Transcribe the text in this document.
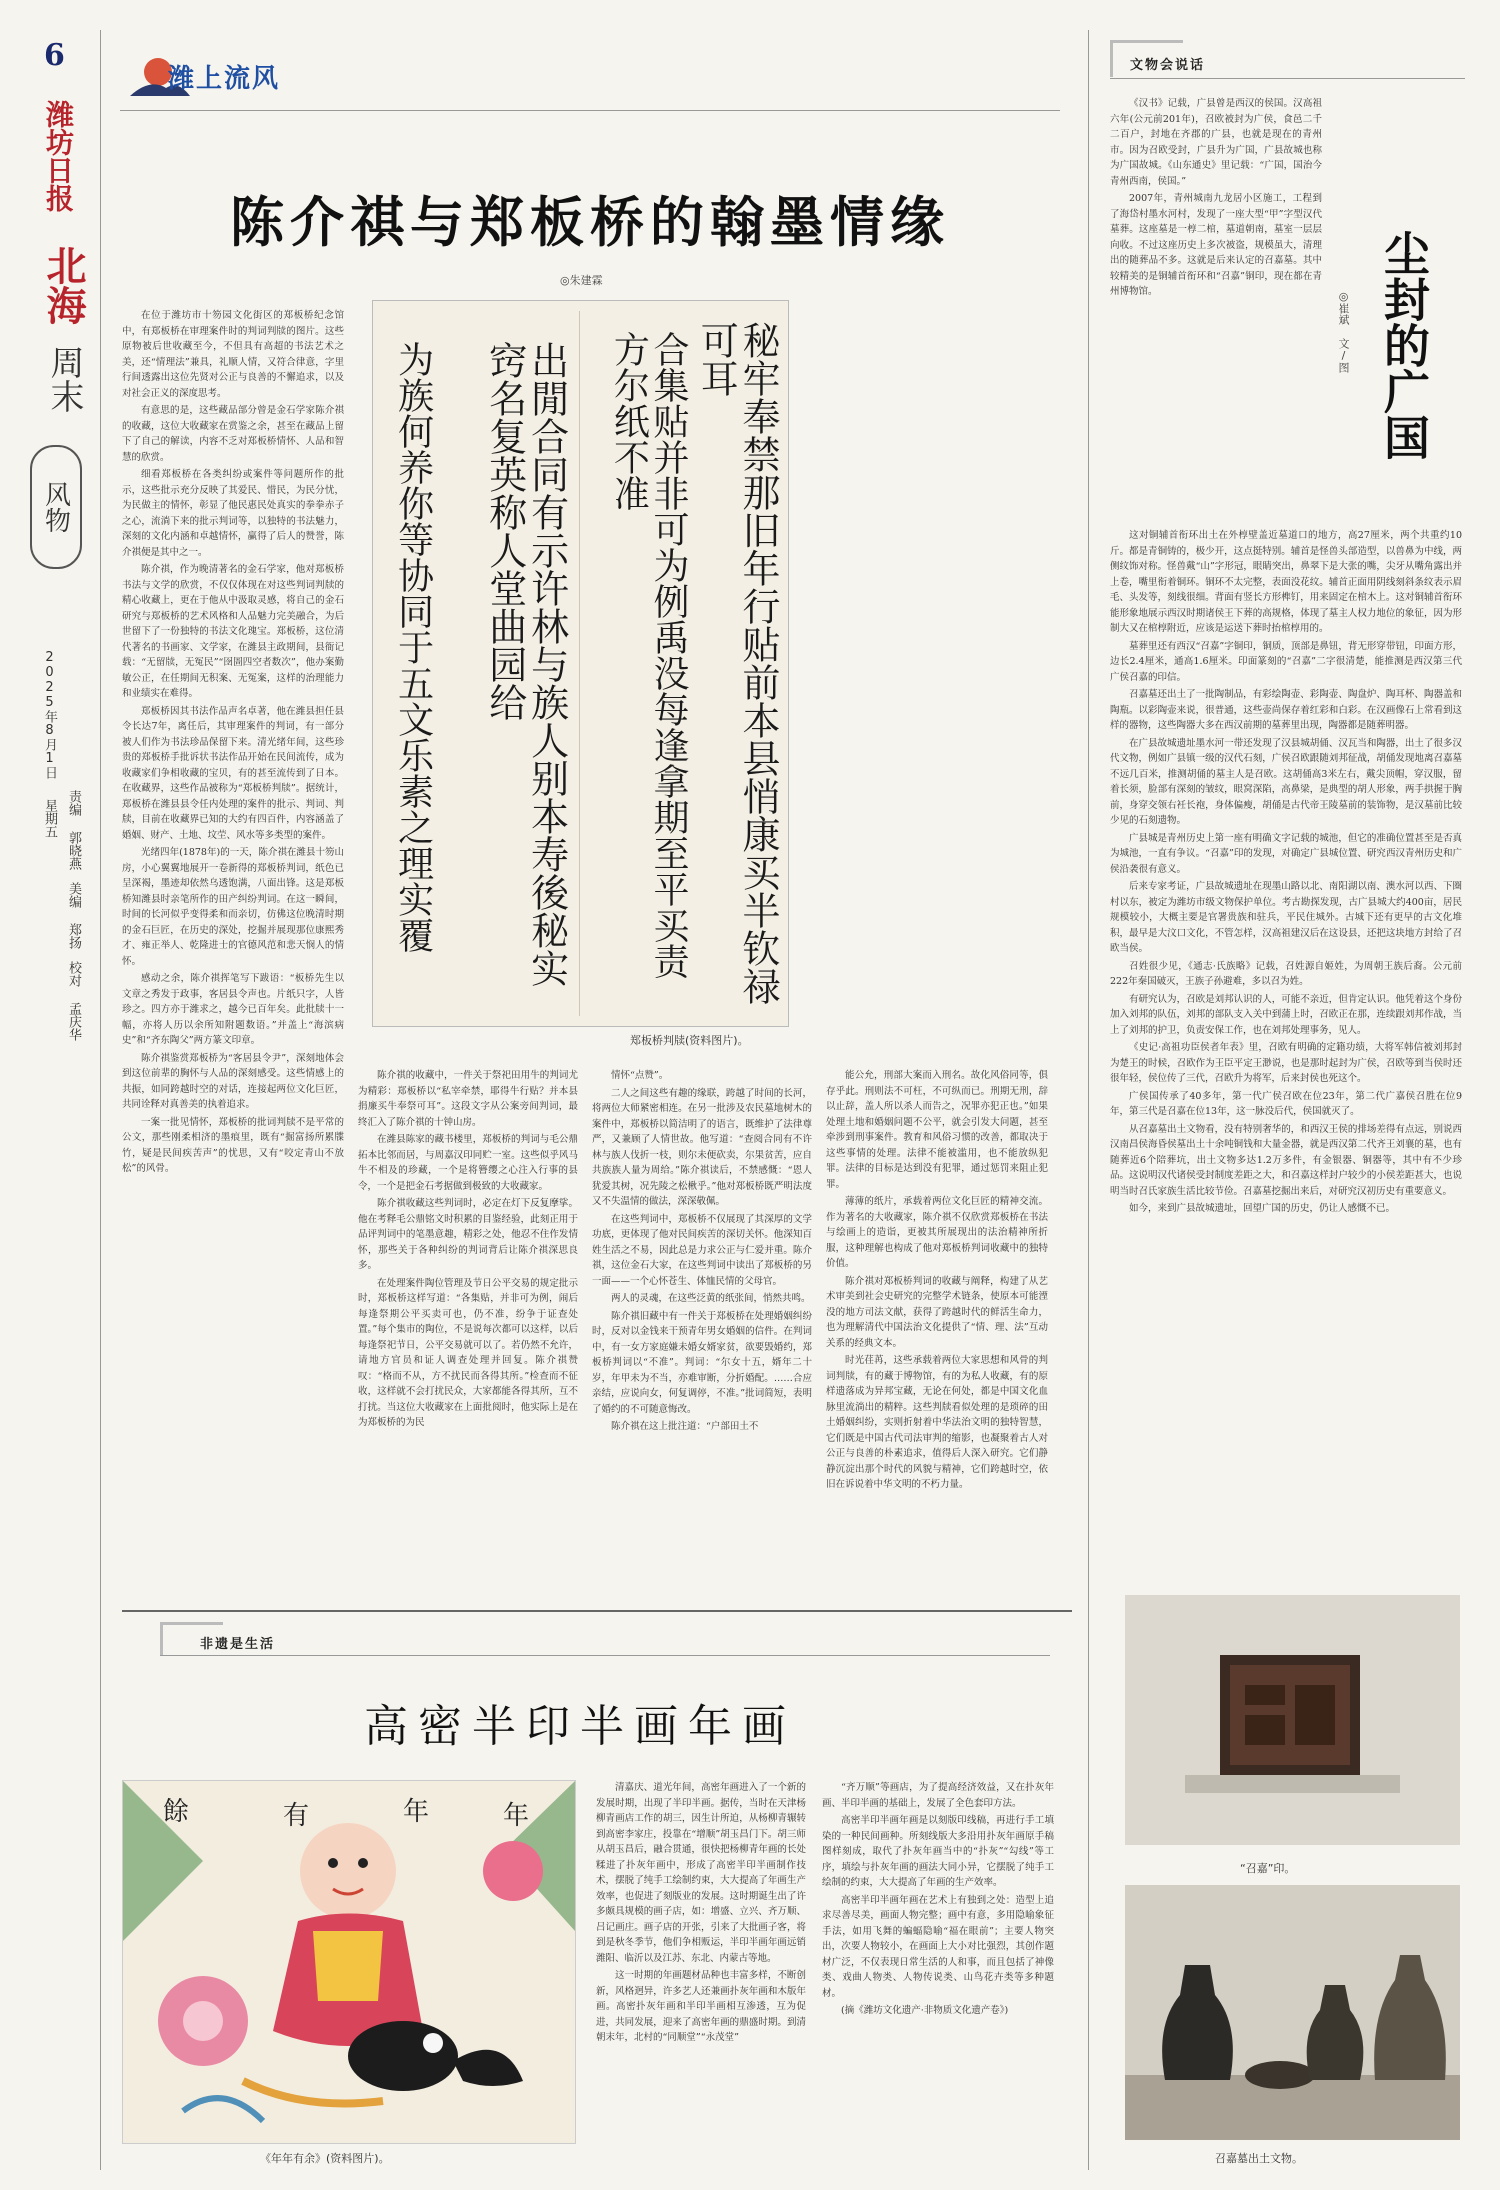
6
潍坊日报
北海
周末
风物
2025年8月1日星期五 责编 郭晓燕美编 郑扬校对 孟庆华
潍上流风
陈介祺与郑板桥的翰墨情缘
◎朱建霖
秘牢奉禁那旧年行贴前本县悄康买半钦禄可耳
合集贴并非可为例禹没每逢拿期至平买责方尔纸不准
出閒合同有示许林与族人别本寿後秘实窍名复英称人堂曲园给
为族何养你等协同于五文乐素之理实覆
郑板桥判牍(资料图片)。

在位于潍坊市十笏园文化街区的郑板桥纪念馆中，有郑板桥在审理案件时的判词判牍的图片。这些原物被后世收藏至今，不但具有高超的书法艺术之美，还“情理法”兼具，礼顺人情，又符合律意，字里行间透露出这位先贤对公正与良善的不懈追求，以及对社会正义的深度思考。

有意思的是，这些藏品部分曾是金石学家陈介祺的收藏，这位大收藏家在赏鉴之余，甚至在藏品上留下了自己的解读，内容不乏对郑板桥情怀、人品和智慧的欣赏。

细看郑板桥在各类纠纷或案件等问题所作的批示，这些批示充分反映了其爱民、惜民，为民分忧，为民做主的情怀，彰显了他民惠民处真实的拳拳赤子之心，流淌下来的批示判词等，以独特的书法魅力，深刻的文化内涵和卓越情怀，赢得了后人的赞誉，陈介祺便是其中之一。

陈介祺，作为晚清著名的金石学家，他对郑板桥书法与文学的欣赏，不仅仅体现在对这些判词判牍的精心收藏上，更在于他从中汲取灵感，将自己的金石研究与郑板桥的艺术风格和人品魅力完美融合，为后世留下了一份独特的书法文化瑰宝。郑板桥，这位清代著名的书画家、文学家，在潍县主政期间，县衙记载：“无留牍，无冤民”“囹圄四空者数次”，他办案勤敏公正，在任期间无积案、无冤案，这样的治理能力和业绩实在难得。

郑板桥因其书法作品声名卓著，他在潍县担任县令长达7年，离任后，其审理案件的判词，有一部分被人们作为书法珍品保留下来。清光绪年间，这些珍贵的郑板桥手批诉状书法作品开始在民间流传，成为收藏家们争相收藏的宝贝，有的甚至流传到了日本。在收藏界，这些作品被称为“郑板桥判牍”。据统计，郑板桥在潍县县令任内处理的案件的批示、判词、判牍，目前在收藏界已知的大约有四百件，内容涵盖了婚姻、财产、土地、坟茔、风水等多类型的案件。

光绪四年(1878年)的一天，陈介祺在潍县十笏山房，小心翼翼地展开一卷新得的郑板桥判词，纸色已呈深褐，墨迹却依然乌透饱满，八面出锋。这是郑板桥知潍县时亲笔所作的田产纠纷判词。在这一瞬间，时间的长河似乎变得柔和而亲切，仿佛这位晚清时期的金石巨匠，在历史的深处，挖掘并展现那位康熙秀才、雍正举人、乾隆进士的官德风范和悲天悯人的情怀。

感动之余，陈介祺挥笔写下跋语：“板桥先生以文章之秀发于政事，客居县令声也。片纸只字，人皆珍之。四方亦于潍求之，越今已百年矣。此批牍十一幅，亦将人历以余所知附题数语。”并盖上“海滨病史”和“齐东陶父”两方篆文印章。

陈介祺鉴赏郑板桥为“客居县令尹”，深刻地体会到这位前辈的胸怀与人品的深刻感受。这些情感上的共振，如同跨越时空的对话，连接起两位文化巨匠，共同诠释对真善美的执着追求。

一案一批见情怀，郑板桥的批词判牍不是平常的公文，那些刚柔相济的墨痕里，既有“掘富扬所累牒竹，疑是民间疾苦声”的忧思，又有“咬定青山不放松”的风骨。

陈介祺的收藏中，一件关于祭祀田用牛的判词尤为精彩：郑板桥以“私宰牵禁，耶得牛行贴？并本县捐廉买牛奉祭可耳”。这段文字从公案旁间判词，最终汇入了陈介祺的十钟山房。

在潍县陈家的藏书楼里，郑板桥的判词与毛公鼎拓本比邻而居，与周嘉汉印同贮一室。这些似乎风马牛不相及的珍藏，一个是将簪缨之心注入行事的县令，一个是把金石考据做到极致的大收藏家。

陈介祺收藏这些判词时，必定在灯下反复摩挲。他在考释毛公鼎铭文时积累的目鉴经验，此刻正用于品评判词中的笔墨意趣，精彩之处，他忍不住作发情怀，那些关于各种纠纷的判词背后让陈介祺深思良多。

在处理案件陶位管理及节日公平交易的规定批示时，郑板桥这样写道：“各集贴，并非可为例，闹后每逢祭期公平买卖可也，仍不准，纷争于证查处置。”每个集市的陶位，不是说每次都可以这样，以后每逢祭祀节日，公平交易就可以了。若仍然不允许，请地方官员和证人调查处理并回复。陈介祺赞叹：“格而不从，方不扰民而各得其所。”检查而不征收，这样就不会打扰民众，大家都能各得其所，互不打扰。当这位大收藏家在上面批阅时，他实际上是在为郑板桥的为民

情怀“点赞”。

二人之间这些有趣的缘联，跨越了时间的长河，将两位大师紧密相连。在另一批涉及农民墓地树木的案件中，郑板桥以简洁明了的语言，既维护了法律尊严，又兼顾了人情世故。他写道：“查阅合同有不许林与族人伐折一枝，则尔未便砍卖，尔果贫苦，应自共族族人量为周给。”陈介祺读后，不禁感慨：“恩人犹爱其树，况先陵之松楸乎。”他对郑板桥既严明法度又不失温情的做法，深深敬佩。

在这些判词中，郑板桥不仅展现了其深厚的文学功底，更体现了他对民间疾苦的深切关怀。他深知百姓生活之不易，因此总是力求公正与仁爱并重。陈介祺，这位金石大家，在这些判词中读出了郑板桥的另一面——一个心怀苍生、体恤民情的父母官。

两人的灵魂，在这些泛黄的纸张间，悄然共鸣。

陈介祺旧藏中有一件关于郑板桥在处理婚姻纠纷时，反对以金钱来干预青年男女婚姻的信件。在判词中，有一女方家庭嫌未婚女婿家贫，欲要毁婚约，郑板桥判词以“不准”。判词：“尔女十五，婿年二十岁，年甲未为不当，亦难审断，分折婚配。……合应亲结，应说向女，何复调停，不准。”批词简短，表明了婚约的不可随意悔改。

陈介祺在这上批注道：“户部田土不

能公允，刑部大案而入刑名。故化风俗同等，俱存乎此。刑则法不可枉，不可纵而已。刑期无刑，辞以止辞，盖人所以杀人而告之，况罪亦犯正也。”如果处理土地和婚姻问题不公平，就会引发大问题，甚至牵涉到刑事案件。教育和风俗习惯的改善，都取决于这些事情的处理。法律不能被滥用，也不能放纵犯罪。法律的目标是达到没有犯罪，通过惩罚来阻止犯罪。

薄薄的纸片，承载着两位文化巨匠的精神交流。作为著名的大收藏家，陈介祺不仅欣赏郑板桥在书法与绘画上的造诣，更被其所展现出的法治精神所折服，这种理解也构成了他对郑板桥判词收藏中的独特价值。

陈介祺对郑板桥判词的收藏与阐释，构建了从艺术审美到社会史研究的完整学术链条，使原本可能湮没的地方司法文献，获得了跨越时代的鲜活生命力，也为理解清代中国法治文化提供了“情、理、法”互动关系的经典文本。

时光荏苒，这些承载着两位大家思想和风骨的判词判牍，有的藏于博物馆，有的为私人收藏，有的原样遗落成为异邦宝藏，无论在何处，都是中国文化血脉里流淌出的精粹。这些判牍看似处理的是琐碎的田土婚姻纠纷，实则折射着中华法治文明的独特智慧，它们既是中国古代司法审判的缩影，也凝聚着古人对公正与良善的朴素追求，值得后人深入研究。它们静静沉淀出那个时代的风貌与精神，它们跨越时空，依旧在诉说着中华文明的不朽力量。

文物会说话
尘封的广国
◎崔斌 文/图

《汉书》记载，广县曾是西汉的侯国。汉高祖六年(公元前201年)，召欧被封为广侯，食邑二千二百户，封地在齐郡的广县，也就是现在的青州市。因为召欧受封，广县升为广国，广县故城也称为广国故城。《山东通史》里记载：“广国，国治今青州西南，侯国。”

2007年，青州城南九龙居小区施工，工程到了海岱村墨水河村，发现了一座大型“甲”字型汉代墓葬。这座墓是一椁二棺，墓道朝南，墓室一层层向收。不过这座历史上多次被盗，规模虽大，清理出的随葬品不多。这就是后来认定的召嘉墓。其中较精美的是铜辅首衔环和“召嘉”铜印，现在都在青州博物馆。

这对铜辅首衔环出土在外椁壁盖近墓道口的地方，高27厘米，两个共重约10斤。都是青铜铸的，极少开，这点挺特别。辅首是怪兽头部造型，以兽鼻为中线，两侧纹饰对称。怪兽戴“山”字形冠，眼睛突出，鼻翠下是大张的嘴，尖牙从嘴角露出并上卷，嘴里衔着铜环。铜环不太完整，表面没花纹。辅首正面用阴线刻斜条纹表示眉毛、头发等，刻线很细。背面有竖长方形榫钉，用来固定在棺木上。这对铜辅首衔环能形象地展示西汉时期诸侯王下葬的高规格，体现了墓主人权力地位的象征，因为形制大又在棺椁附近，应该是运送下葬时抬棺椁用的。

墓葬里还有西汉“召嘉”字铜印，铜质，顶部是鼻钮，背无形穿带钮，印面方形，边长2.4厘米，通高1.6厘米。印面篆刻的“召嘉”二字很清楚，能推测是西汉第三代广侯召嘉的印信。

召嘉墓还出土了一批陶制品，有彩绘陶壶、彩陶壶、陶盘炉、陶耳杯、陶器盖和陶瓶。以彩陶壶来说，很普通，这些壶尚保存着红彩和白彩。在汉画像石上常看到这样的器物，这些陶器大多在西汉前期的墓葬里出现，陶器都是随葬明器。

在广县故城遗址墨水河一带还发现了汉县城胡俑、汉瓦当和陶器，出土了很多汉代文物，例如广县镇一级的汉代石刻，广侯召欧跟随刘邦征战，胡俑发现地离召嘉墓不远几百米，推测胡俑的墓主人是召欧。这胡俑高3米左右，戴尖顶帽，穿汉服，留着长须，脸部有深刻的皱纹，眼窝深陷，高鼻梁，是典型的胡人形象，两手拱握于胸前，身穿交领右衽长袍，身体偏瘦，胡俑是古代帝王陵墓前的装饰物，是汉墓前比较少见的石刻遗物。

广县城是青州历史上第一座有明确文字记载的城池，但它的准确位置甚至是否真为城池，一直有争议。“召嘉”印的发现，对确定广县城位置、研究西汉青州历史和广侯沿袭很有意义。

后来专家考证，广县故城遗址在现墨山路以北、南阳湖以南、澳水河以西、下圈村以东，被定为潍坊市级文物保护单位。考古勘探发现，古广县城大约400亩，居民规模较小，大概主要是官署贵族和驻兵，平民住城外。古城下还有更早的古文化堆积，最早是大汶口文化，不管怎样，汉高祖建汉后在这设县，还把这块地方封给了召欧当侯。

召姓很少见，《通志·氏族略》记载，召姓源自姬姓，为周朝王族后裔。公元前222年秦国破灭，王族子孙避难，多以召为姓。

有研究认为，召欧是刘邦认识的人，可能不亲近，但肯定认识。他凭着这个身份加入刘邦的队伍，刘邦的部队支入关中到蒲上时，召欧正在那，连续跟刘邦作战，当上了刘邦的护卫，负责安保工作，也在刘邦处理事务，见人。

《史记·高祖功臣侯者年表》里，召欧有明确的定籍功绩，大将军韩信被刘邦封为楚王的时候，召欧作为王臣平定王渺说，也是那时起封为广侯，召欧等到当侯时还很年轻，侯位传了三代，召欧升为将军，后来封侯也死这个。

广侯国传承了40多年，第一代广侯召欧在位23年，第二代广嘉侯召胜在位9年，第三代是召嘉在位13年，这一脉没后代，侯国就灭了。

从召嘉墓出土文物看，没有特别奢华的，和西汉王侯的排场差得有点远，别说西汉南昌侯海昏侯墓出土十余吨铜钱和大量金器，就是西汉第二代齐王刘襄的墓，也有随葬近6个陪葬坑，出土文物多达1.2万多件，有金银器、铜器等，其中有不少珍品。这说明汉代诸侯受封制度差距之大，和召嘉这样封户较少的小侯差距甚大，也说明当时召氏家族生活比较节俭。召嘉墓挖掘出来后，对研究汉初历史有重要意义。

如今，来到广县故城遗址，回望广国的历史，仍让人感慨不已。

“召嘉”印。
召嘉墓出土文物。
非遗是生活
高密半印半画年画
餘	有	年	年
《年年有余》(资料图片)。

清嘉庆、道光年间，高密年画进入了一个新的发展时期，出现了半印半画。据传，当时在天津杨柳青画店工作的胡三，因生计所迫，从杨柳青辗转到高密李家庄，投靠在“增顺”胡玉昌门下。胡三师从胡玉昌后，融合贯通，很快把杨柳青年画的长处糅进了扑灰年画中，形成了高密半印半画制作技术，摆脱了纯手工绘制约束，大大提高了年画生产效率，也促进了刻版业的发展。这时期诞生出了许多颇具规模的画子店，如：增盛、立兴、齐万顺、吕记画庄。画子店的开张，引来了大批画子客，将到是秋冬季节，他们争相贩运，半印半画年画远销潍阳、临沂以及江苏、东北、内蒙古等地。

这一时期的年画题材品种也丰富多样，不断创新，风格迥异，许多艺人还兼画扑灰年画和木版年画。高密扑灰年画和半印半画相互渗透，互为促进，共同发展，迎来了高密年画的鼎盛时期。到清朝末年，北村的“同顺堂”“永茂堂”

“齐万顺”等画店，为了提高经济效益，又在扑灰年画、半印半画的基础上，发展了全色套印方法。

高密半印半画年画是以刻版印线稿，再进行手工填染的一种民间画种。所刻线版大多沿用扑灰年画原手稿图样刻成，取代了扑灰年画当中的“扑灰”“勾线”等工序，填绘与扑灰年画的画法大同小异，它摆脱了纯手工绘制的约束，大大提高了年画的生产效率。

高密半印半画年画在艺术上有独到之处：造型上追求尽善尽美，画面人物完整；画中有意，多用隐喻象征手法，如用飞舞的蝙蝠隐喻“福在眼前”；主要人物突出，次要人物较小，在画面上大小对比强烈，其创作题材广泛，不仅表现日常生活的人和事，而且包括了神像类、戏曲人物类、人物传说类、山鸟花卉类等多种题材。

(摘《潍坊文化遗产·非物质文化遗产卷》)
